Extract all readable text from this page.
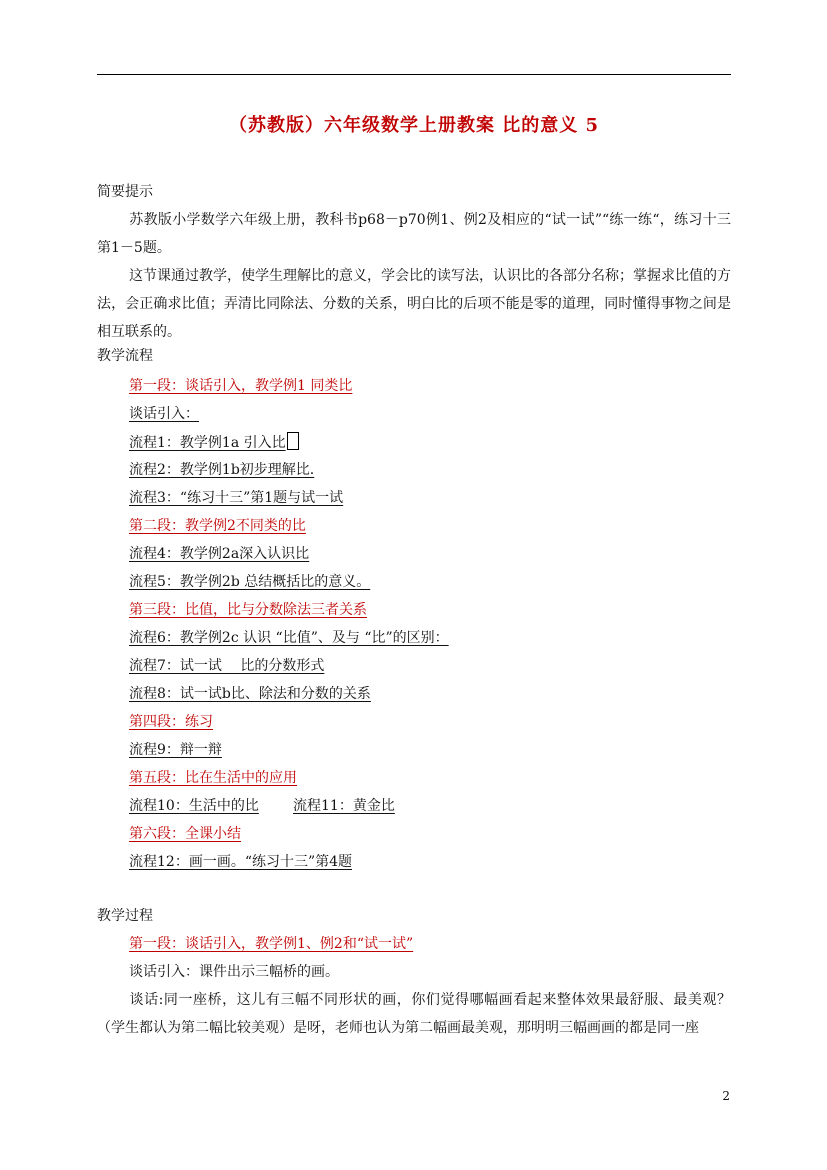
（苏教版）六年级数学上册教案 比的意义 5
简要提示
苏教版小学数学六年级上册，教科书p68－p70例1、例2及相应的“试一试”“练一练“，练习十三第1－5题。
这节课通过教学，使学生理解比的意义，学会比的读写法，认识比的各部分名称；掌握求比值的方法，会正确求比值；弄清比同除法、分数的关系，明白比的后项不能是零的道理，同时懂得事物之间是相互联系的。
教学流程
第一段：谈话引入，教学例1 同类比
谈话引入：
流程1：教学例1a 引入比
流程2：教学例1b初步理解比.
流程3：“练习十三”第1题与试一试
第二段：教学例2不同类的比
流程4：教学例2a深入认识比
流程5：教学例2b 总结概括比的意义。
第三段：比值，比与分数除法三者关系
流程6：教学例2c 认识 “比值”、及与 “比”的区别：
流程7：试一试　 比的分数形式
流程8：试一试b比、除法和分数的关系
第四段：练习
流程9：辩一辩
第五段：比在生活中的应用
流程10：生活中的比 流程11：黄金比
第六段：全课小结
流程12：画一画。“练习十三”第4题
教学过程
第一段：谈话引入，教学例1、例2和“试一试”
谈话引入：课件出示三幅桥的画。
谈话:同一座桥，这儿有三幅不同形状的画，你们觉得哪幅画看起来整体效果最舒服、最美观？（学生都认为第二幅比较美观）是呀，老师也认为第二幅画最美观，那明明三幅画画的都是同一座
2
